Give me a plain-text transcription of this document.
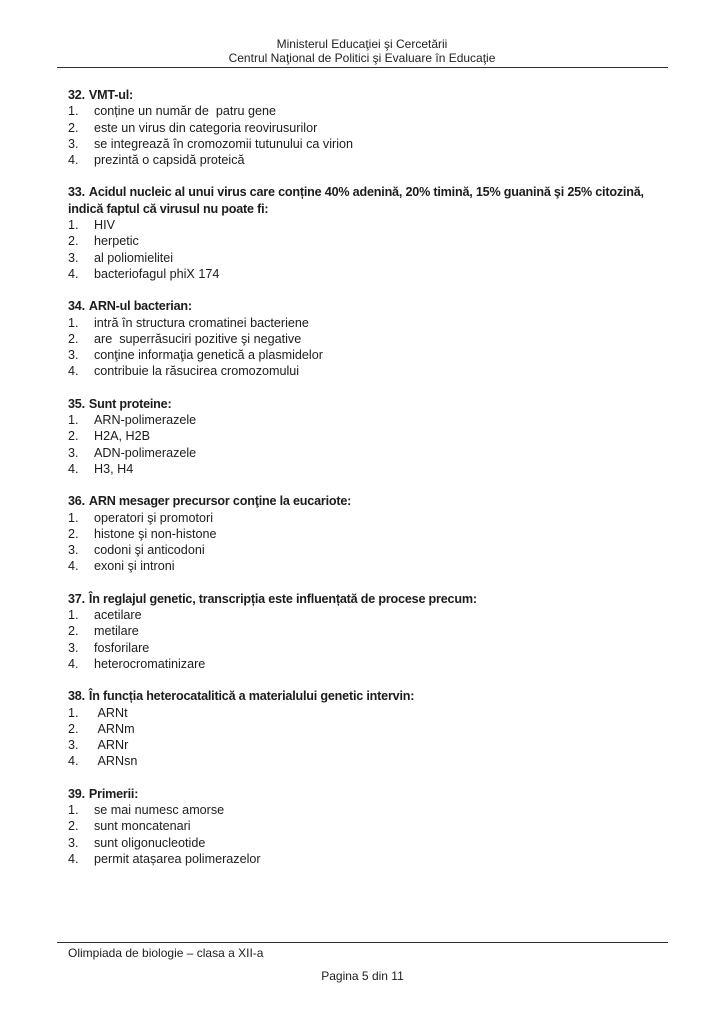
Ministerul Educaţiei şi Cercetării
Centrul Naţional de Politici şi Evaluare în Educaţie
32. VMT-ul:
1.	conține un număr de  patru gene
2.	este un virus din categoria reovirusurilor
3.	se integrează în cromozomii tutunului ca virion
4.	prezintă o capsidă proteică
33. Acidul nucleic al unui virus care conține 40% adenină, 20% timină, 15% guanină şi 25% citozină, indică faptul că virusul nu poate fi:
1.	HIV
2.	herpetic
3.	al poliomielitei
4.	bacteriofagul phiX 174
34. ARN-ul bacterian:
1.	intră în structura cromatinei bacteriene
2.	are  superrăsuciri pozitive şi negative
3.	conţine informaţia genetică a plasmidelor
4.	contribuie la răsucirea cromozomului
35. Sunt proteine:
1.	ARN-polimerazele
2.	H2A, H2B
3.	ADN-polimerazele
4.	H3, H4
36. ARN mesager precursor conţine la eucariote:
1.	operatori şi promotori
2.	histone şi non-histone
3.	codoni şi anticodoni
4.	exoni şi introni
37. În reglajul genetic, transcripția este influențată de procese precum:
1.	acetilare
2.	metilare
3.	fosforilare
4.	heterocromatinizare
38. În funcția heterocatalitică a materialului genetic intervin:
1.	ARNt
2.	ARNm
3.	ARNr
4.	ARNsn
39. Primerii:
1.	se mai numesc amorse
2.	sunt moncatenari
3.	sunt oligonucleotide
4.	permit atașarea polimerazelor
Olimpiada de biologie – clasa a XII-a
Pagina 5 din 11
